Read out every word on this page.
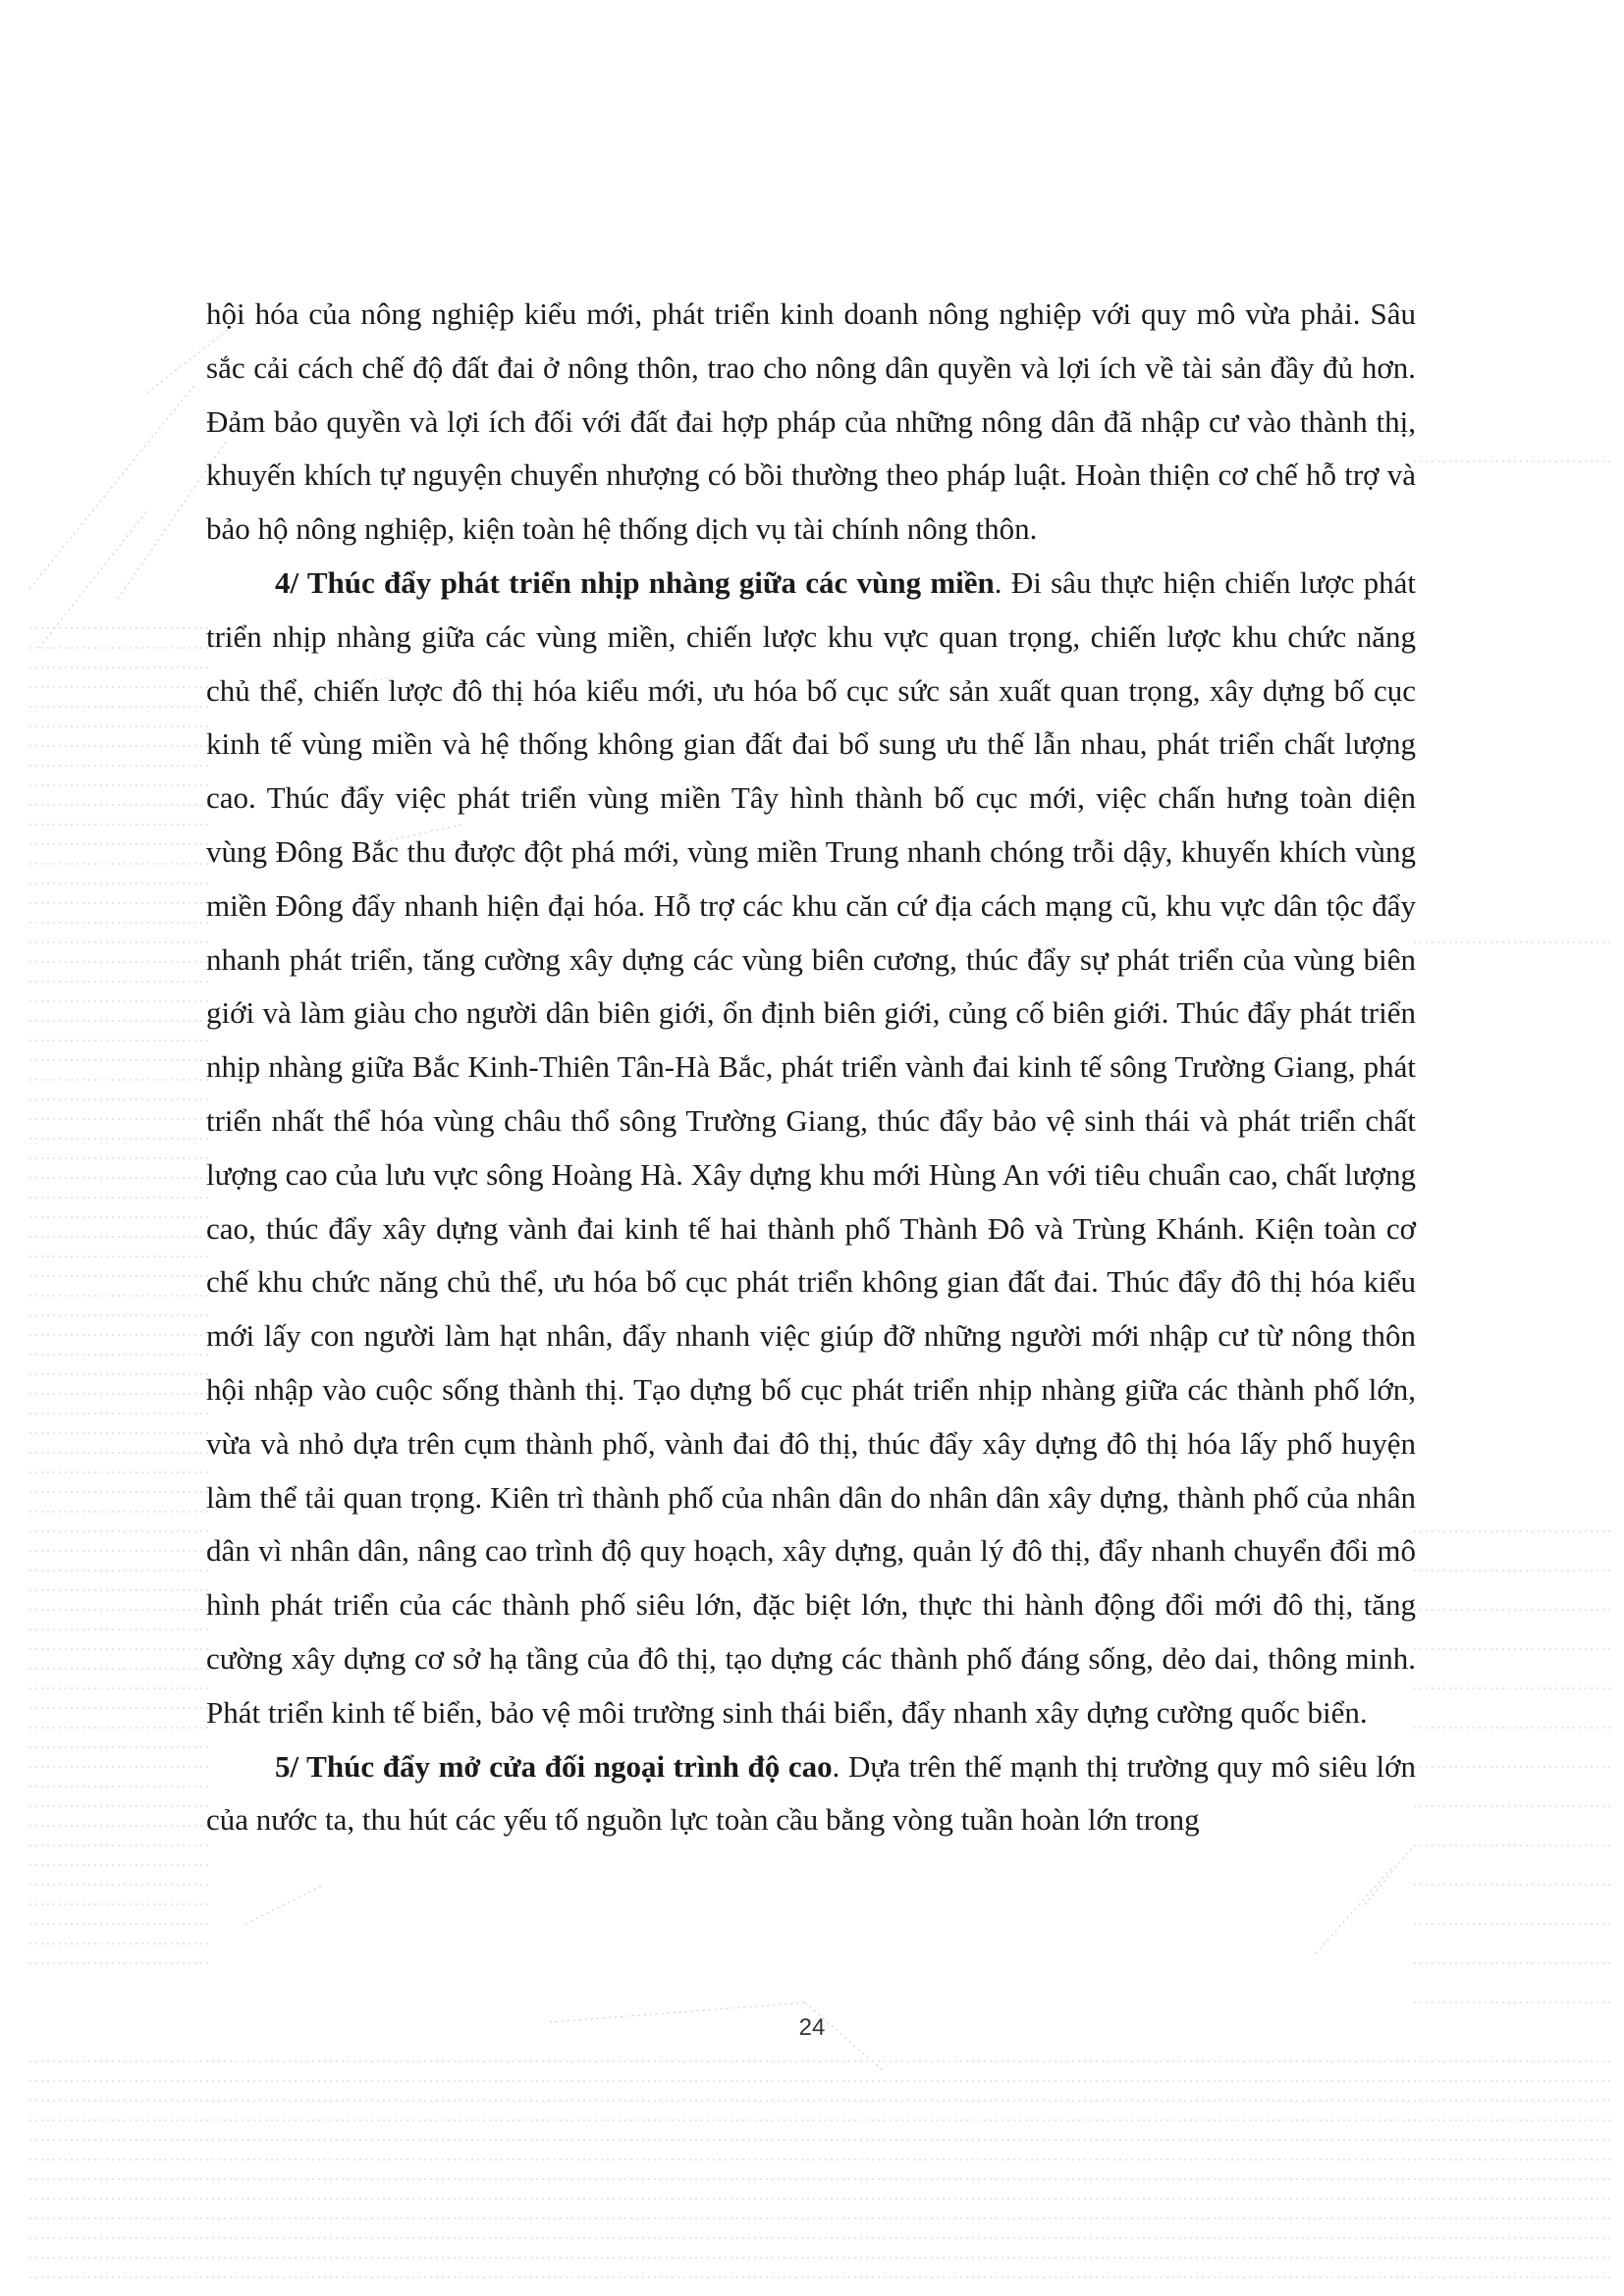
hội hóa của nông nghiệp kiểu mới, phát triển kinh doanh nông nghiệp với quy mô vừa phải. Sâu sắc cải cách chế độ đất đai ở nông thôn, trao cho nông dân quyền và lợi ích về tài sản đầy đủ hơn. Đảm bảo quyền và lợi ích đối với đất đai hợp pháp của những nông dân đã nhập cư vào thành thị, khuyến khích tự nguyện chuyển nhượng có bồi thường theo pháp luật. Hoàn thiện cơ chế hỗ trợ và bảo hộ nông nghiệp, kiện toàn hệ thống dịch vụ tài chính nông thôn.

4/ Thúc đẩy phát triển nhịp nhàng giữa các vùng miền. Đi sâu thực hiện chiến lược phát triển nhịp nhàng giữa các vùng miền, chiến lược khu vực quan trọng, chiến lược khu chức năng chủ thể, chiến lược đô thị hóa kiểu mới, ưu hóa bố cục sức sản xuất quan trọng, xây dựng bố cục kinh tế vùng miền và hệ thống không gian đất đai bổ sung ưu thế lẫn nhau, phát triển chất lượng cao. Thúc đẩy việc phát triển vùng miền Tây hình thành bố cục mới, việc chấn hưng toàn diện vùng Đông Bắc thu được đột phá mới, vùng miền Trung nhanh chóng trỗi dậy, khuyến khích vùng miền Đông đẩy nhanh hiện đại hóa. Hỗ trợ các khu căn cứ địa cách mạng cũ, khu vực dân tộc đẩy nhanh phát triển, tăng cường xây dựng các vùng biên cương, thúc đẩy sự phát triển của vùng biên giới và làm giàu cho người dân biên giới, ổn định biên giới, củng cố biên giới. Thúc đẩy phát triển nhịp nhàng giữa Bắc Kinh-Thiên Tân-Hà Bắc, phát triển vành đai kinh tế sông Trường Giang, phát triển nhất thể hóa vùng châu thổ sông Trường Giang, thúc đẩy bảo vệ sinh thái và phát triển chất lượng cao của lưu vực sông Hoàng Hà. Xây dựng khu mới Hùng An với tiêu chuẩn cao, chất lượng cao, thúc đẩy xây dựng vành đai kinh tế hai thành phố Thành Đô và Trùng Khánh. Kiện toàn cơ chế khu chức năng chủ thể, ưu hóa bố cục phát triển không gian đất đai. Thúc đẩy đô thị hóa kiểu mới lấy con người làm hạt nhân, đẩy nhanh việc giúp đỡ những người mới nhập cư từ nông thôn hội nhập vào cuộc sống thành thị. Tạo dựng bố cục phát triển nhịp nhàng giữa các thành phố lớn, vừa và nhỏ dựa trên cụm thành phố, vành đai đô thị, thúc đẩy xây dựng đô thị hóa lấy phố huyện làm thể tải quan trọng. Kiên trì thành phố của nhân dân do nhân dân xây dựng, thành phố của nhân dân vì nhân dân, nâng cao trình độ quy hoạch, xây dựng, quản lý đô thị, đẩy nhanh chuyển đổi mô hình phát triển của các thành phố siêu lớn, đặc biệt lớn, thực thi hành động đổi mới đô thị, tăng cường xây dựng cơ sở hạ tầng của đô thị, tạo dựng các thành phố đáng sống, dẻo dai, thông minh. Phát triển kinh tế biển, bảo vệ môi trường sinh thái biển, đẩy nhanh xây dựng cường quốc biển.

5/ Thúc đẩy mở cửa đối ngoại trình độ cao. Dựa trên thế mạnh thị trường quy mô siêu lớn của nước ta, thu hút các yếu tố nguồn lực toàn cầu bằng vòng tuần hoàn lớn trong

24
